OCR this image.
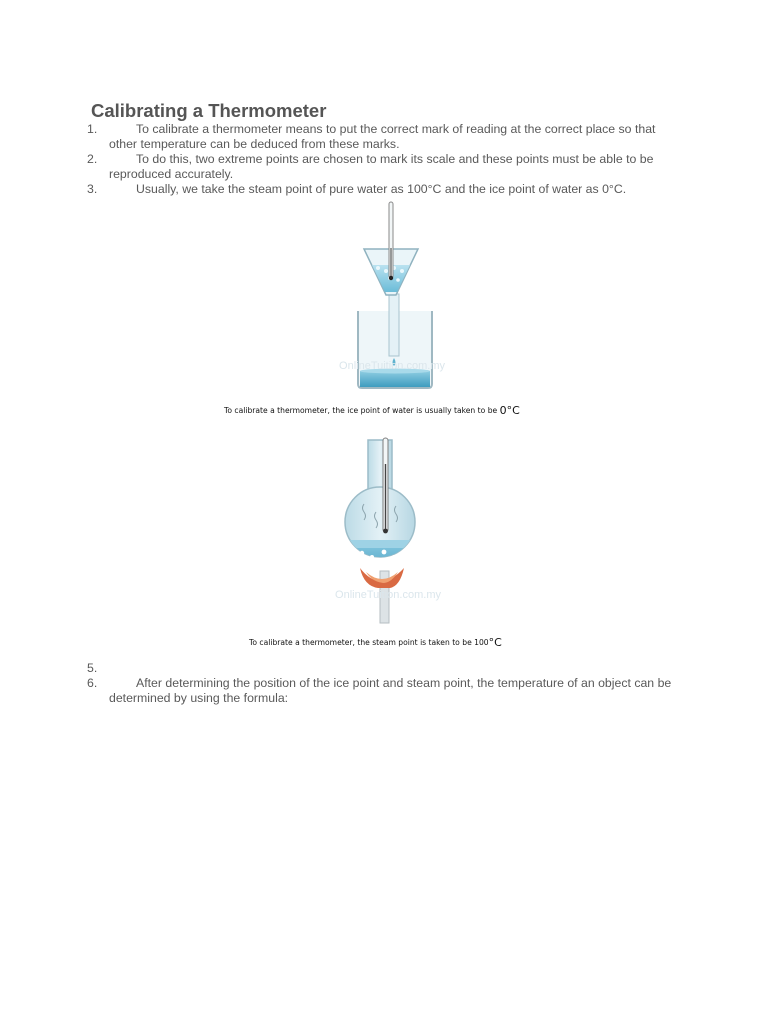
Calibrating a Thermometer
1.	To calibrate a thermometer means to put the correct mark of reading at the correct place so that other temperature can be deduced from these marks.
2.	To do this, two extreme points are chosen to mark its scale and these points must be able to be reproduced accurately.
3.	Usually, we take the steam point of pure water as 100°C and the ice point of water as 0°C.
OnlineTuition.com.my
To calibrate a thermometer, the ice point of water is usually taken to be 0°C
OnlineTuition.com.my
To calibrate a thermometer, the steam point is taken to be 100°C
5.
6.	After determining the position of the ice point and steam point, the temperature of an object can be determined by using the formula:
